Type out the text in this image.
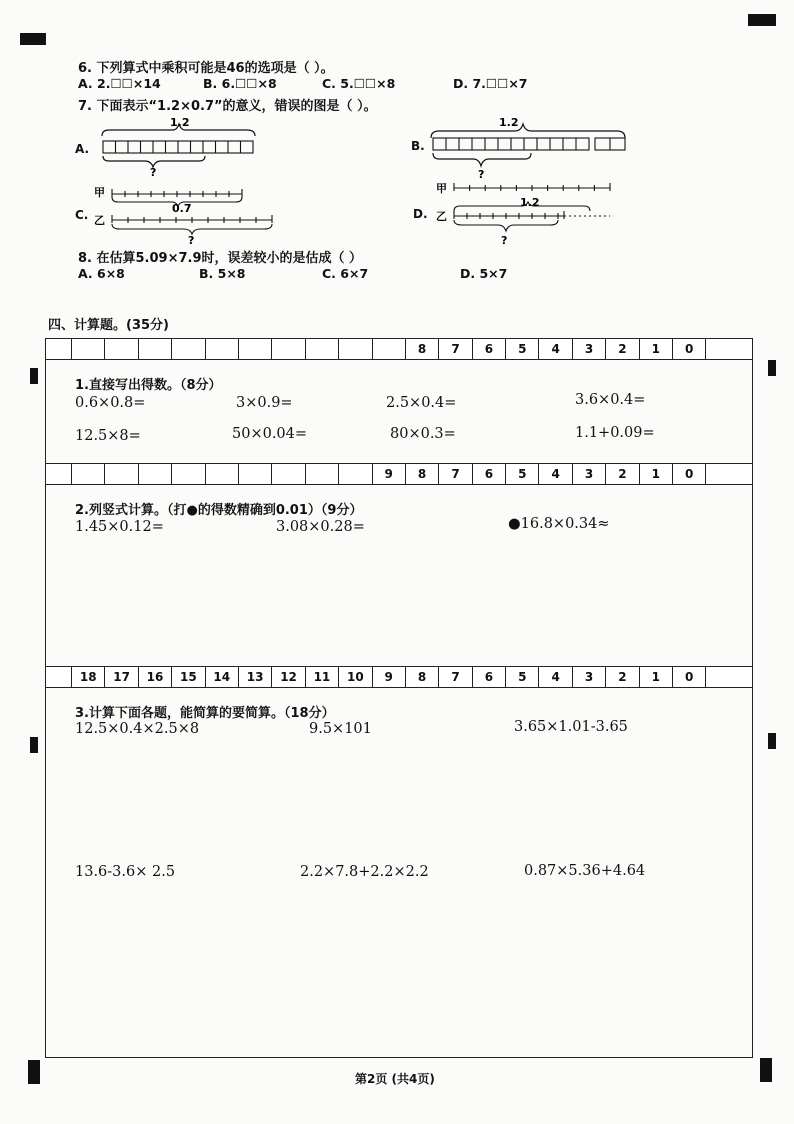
6. 下列算式中乘积可能是46的选项是（ ）。
A. 2.☐☐×14	B. 6.☐☐×8	C. 5.☐☐×8	D. 7.☐☐×7
7. 下面表示“1.2×0.7”的意义，错误的图是（ ）。
A.
1.2
?
B.
1.2
?
C.
甲
0.7
乙
?
D.
甲
1.2
乙
?
8. 在估算5.09×7.9时，误差较小的是估成（ ）
A. 6×8	B. 5×8	C. 6×7	D. 5×7
四、计算题。(35分)
8	7	6	5	4	3	2	1	0
1.直接写出得数。（8分）
0.6×0.8=	3×0.9=	2.5×0.4=	3.6×0.4=
12.5×8=	50×0.04=	80×0.3=	1.1+0.09=
9	8	7	6	5	4	3	2	1	0
2.列竖式计算。（打●的得数精确到0.01）（9分）
1.45×0.12=	3.08×0.28=	●16.8×0.34≈
18	17	16	15	14	13	12	11	10	9	8	7	6	5	4	3	2	1	0
3.计算下面各题，能简算的要简算。（18分）
12.5×0.4×2.5×8	9.5×101	3.65×1.01-3.65
13.6-3.6× 2.5	2.2×7.8+2.2×2.2	0.87×5.36+4.64
第2页 (共4页)
